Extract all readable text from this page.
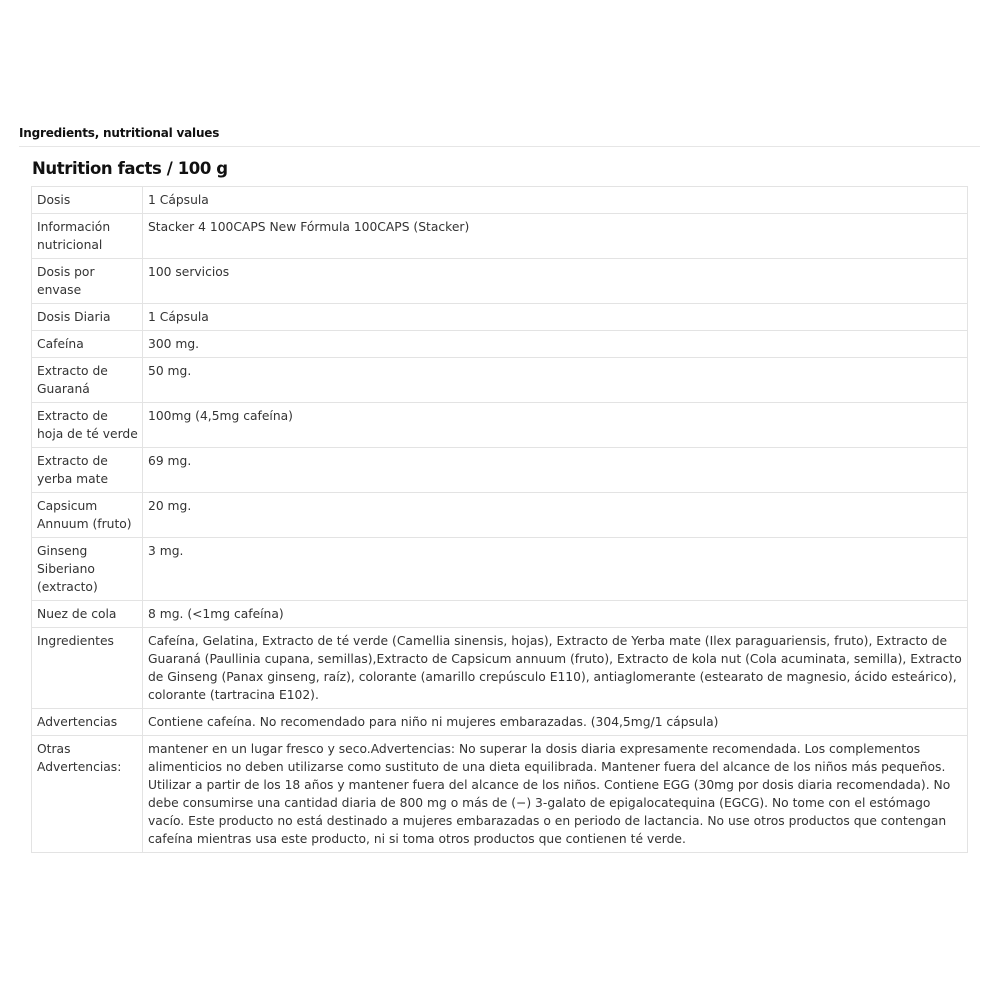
Ingredients, nutritional values
Nutrition facts / 100 g
Dosis	1 Cápsula
Información nutricional	Stacker 4 100CAPS New Fórmula 100CAPS (Stacker)
Dosis por envase	100 servicios
Dosis Diaria	1 Cápsula
Cafeína	300 mg.
Extracto de Guaraná	50 mg.
Extracto de hoja de té verde	100mg (4,5mg cafeína)
Extracto de yerba mate	69 mg.
Capsicum Annuum (fruto)	20 mg.
Ginseng Siberiano (extracto)	3 mg.
Nuez de cola	8 mg. (<1mg cafeína)
Ingredientes	Cafeína, Gelatina, Extracto de té verde (Camellia sinensis, hojas), Extracto de Yerba mate (Ilex paraguariensis, fruto), Extracto de Guaraná (Paullinia cupana, semillas),Extracto de Capsicum annuum (fruto), Extracto de kola nut (Cola acuminata, semilla), Extracto de Ginseng (Panax ginseng, raíz), colorante (amarillo crepúsculo E110), antiaglomerante (estearato de magnesio, ácido esteárico), colorante (tartracina E102).
Advertencias	Contiene cafeína. No recomendado para niño ni mujeres embarazadas. (304,5mg/1 cápsula)
Otras Advertencias:	mantener en un lugar fresco y seco.Advertencias: No superar la dosis diaria expresamente recomendada. Los complementos alimenticios no deben utilizarse como sustituto de una dieta equilibrada. Mantener fuera del alcance de los niños más pequeños. Utilizar a partir de los 18 años y mantener fuera del alcance de los niños. Contiene EGG (30mg por dosis diaria recomendada). No debe consumirse una cantidad diaria de 800 mg o más de (−) 3-galato de epigalocatequina (EGCG). No tome con el estómago vacío. Este producto no está destinado a mujeres embarazadas o en periodo de lactancia. No use otros productos que contengan cafeína mientras usa este producto, ni si toma otros productos que contienen té verde.
